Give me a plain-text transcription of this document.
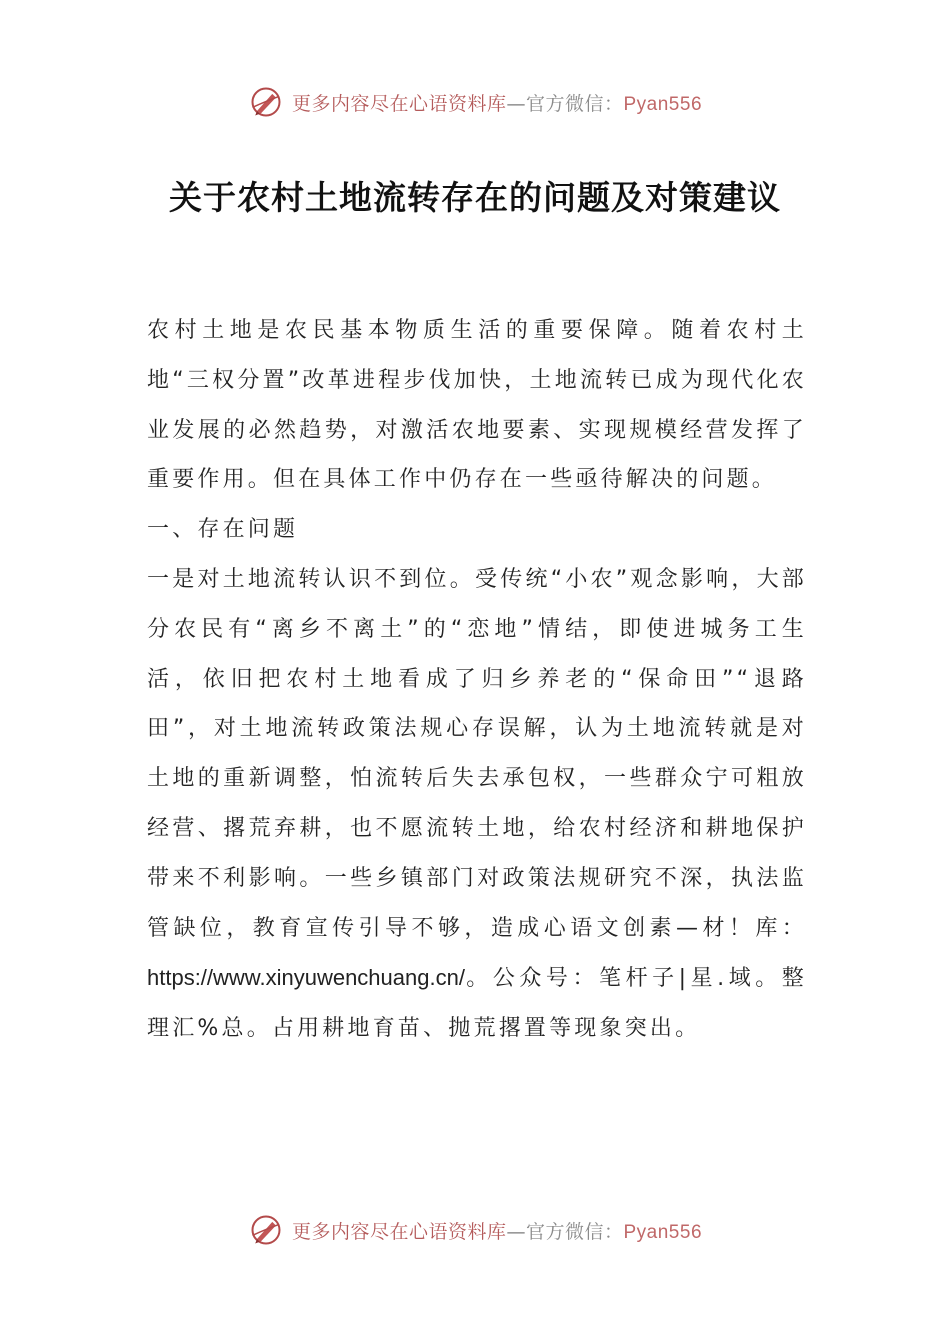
更多内容尽在心语资料库—官方微信：Pyan556
关于农村土地流转存在的问题及对策建议

农村土地是农民基本物质生活的重要保障。随着农村土地“三权分置”改革进程步伐加快，土地流转已成为现代化农业发展的必然趋势，对激活农地要素、实现规模经营发挥了重要作用。但在具体工作中仍存在一些亟待解决的问题。

一、存在问题

一是对土地流转认识不到位。受传统“小农”观念影响，大部分农民有“离乡不离土”的“恋地”情结，即使进城务工生活，依旧把农村土地看成了归乡养老的“保命田”“退路田”，对土地流转政策法规心存误解，认为土地流转就是对土地的重新调整，怕流转后失去承包权，一些群众宁可粗放经营、撂荒弃耕，也不愿流转土地，给农村经济和耕地保护带来不利影响。一些乡镇部门对政策法规研究不深，执法监管缺位，教育宣传引导不够，造成心语文创素—材！库：https://www.xinyuwenchuang.cn/。公众号：笔杆子|星.域。整理汇%总。占用耕地育苗、抛荒撂置等现象突出。

更多内容尽在心语资料库—官方微信：Pyan556
